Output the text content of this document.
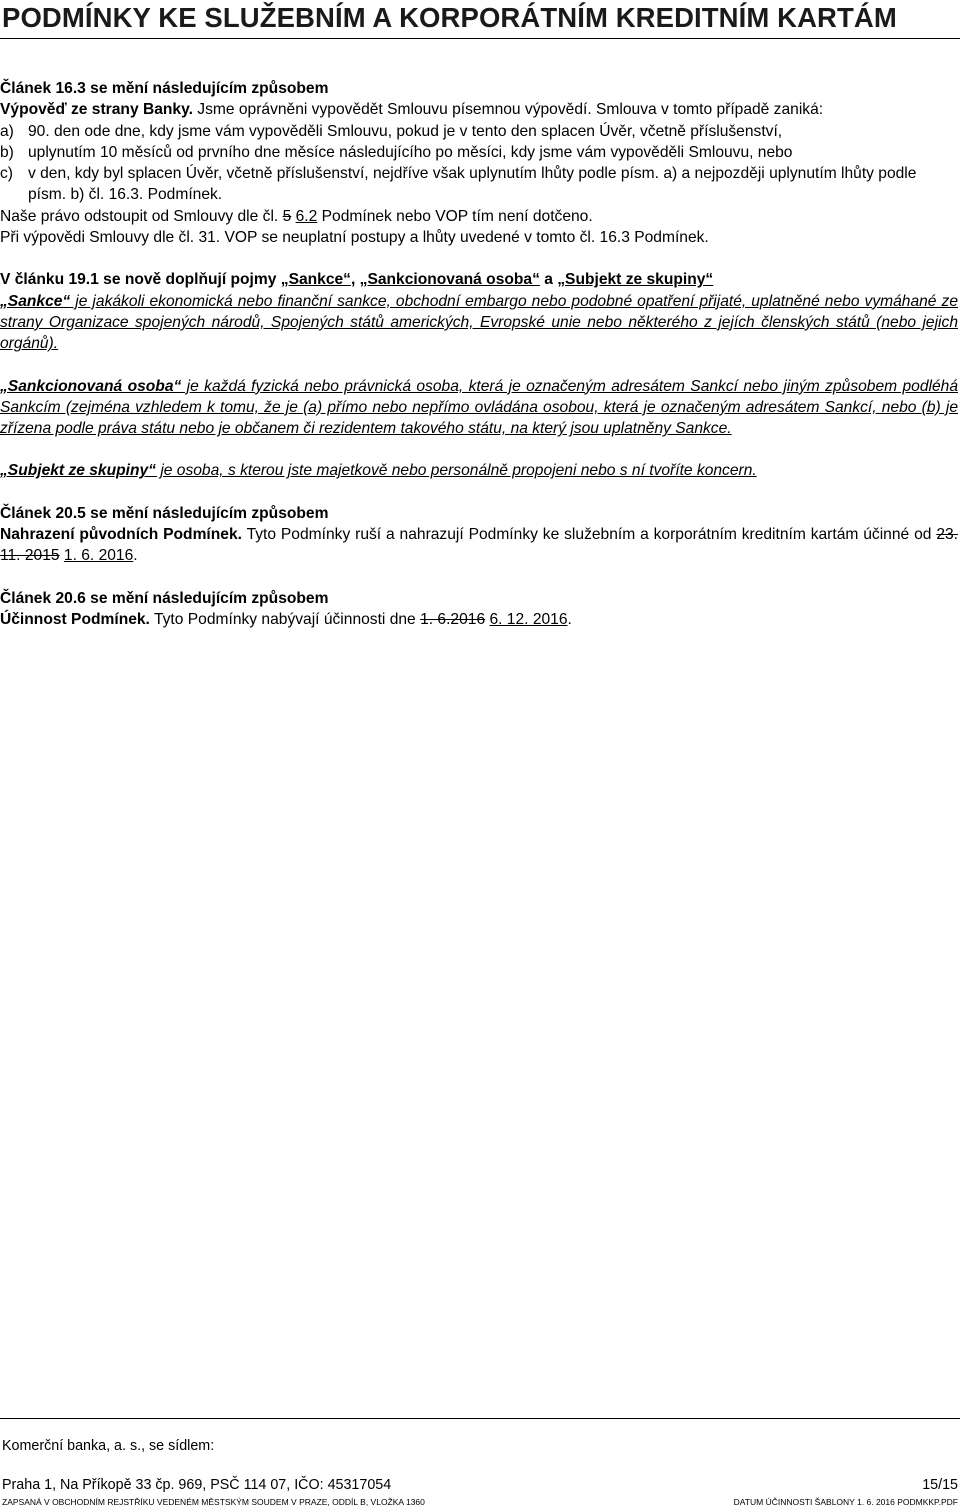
PODMÍNKY KE SLUŽEBNÍM A KORPORÁTNÍM KREDITNÍM KARTÁM

Článek 16.3 se mění následujícím způsobem

Výpověď ze strany Banky. Jsme oprávněni vypovědět Smlouvu písemnou výpovědí. Smlouva v tomto případě zaniká:

a) 90. den ode dne, kdy jsme vám vypověděli Smlouvu, pokud je v tento den splacen Úvěr, včetně příslušenství,
b) uplynutím 10 měsíců od prvního dne měsíce následujícího po měsíci, kdy jsme vám vypověděli Smlouvu, nebo
c) v den, kdy byl splacen Úvěr, včetně příslušenství, nejdříve však uplynutím lhůty podle písm. a) a nejpozději uplynutím lhůty podle písm. b) čl. 16.3. Podmínek.

Naše právo odstoupit od Smlouvy dle čl. 5 6.2 Podmínek nebo VOP tím není dotčeno.

Při výpovědi Smlouvy dle čl. 31. VOP se neuplatní postupy a lhůty uvedené v tomto čl. 16.3 Podmínek.

V článku 19.1 se nově doplňují pojmy „Sankce“, „Sankcionovaná osoba“ a „Subjekt ze skupiny“

„Sankce“ je jakákoli ekonomická nebo finanční sankce, obchodní embargo nebo podobné opatření přijaté, uplatněné nebo vymáhané ze strany Organizace spojených národů, Spojených států amerických, Evropské unie nebo některého z jejích členských států (nebo jejich orgánů).

„Sankcionovaná osoba“ je každá fyzická nebo právnická osoba, která je označeným adresátem Sankcí nebo jiným způsobem podléhá Sankcím (zejména vzhledem k tomu, že je (a) přímo nebo nepřímo ovládána osobou, která je označeným adresátem Sankcí, nebo (b) je zřízena podle práva státu nebo je občanem či rezidentem takového státu, na který jsou uplatněny Sankce.

„Subjekt ze skupiny“ je osoba, s kterou jste majetkově nebo personálně propojeni nebo s ní tvoříte koncern.

Článek 20.5 se mění následujícím způsobem

Nahrazení původních Podmínek. Tyto Podmínky ruší a nahrazují Podmínky ke služebním a korporátním kreditním kartám účinné od 23. 11. 2015 1. 6. 2016.

Článek 20.6 se mění následujícím způsobem

Účinnost Podmínek. Tyto Podmínky nabývají účinnosti dne 1. 6.2016 6. 12. 2016.

Komerční banka, a. s., se sídlem:
Praha 1, Na Příkopě 33 čp. 969, PSČ 114 07, IČO: 45317054	15/15
ZAPSANÁ V OBCHODNÍM REJSTŘÍKU VEDENÉM MĚSTSKÝM SOUDEM V PRAZE, ODDÍL B, VLOŽKA 1360	DATUM ÚČINNOSTI ŠABLONY 1. 6. 2016 PODMKKP.PDF
